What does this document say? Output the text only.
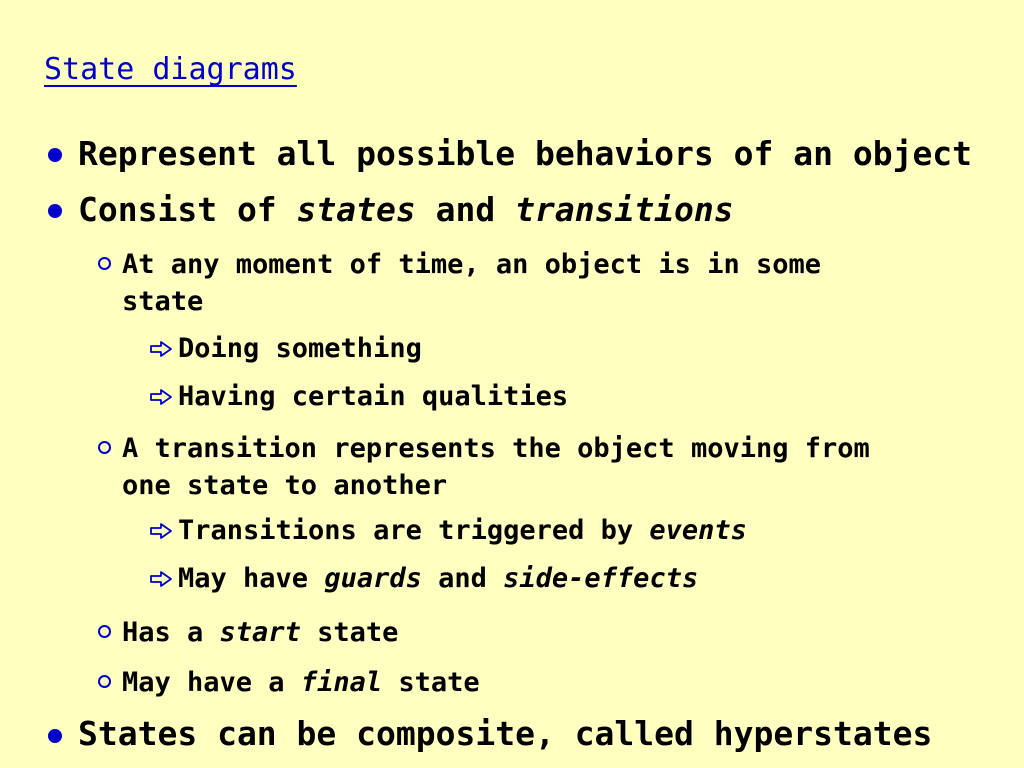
State diagrams
Represent all possible behaviors of an object
Consist of states and transitions
At any moment of time, an object is in some
state
Doing something
Having certain qualities
A transition represents the object moving from
one state to another
Transitions are triggered by events
May have guards and side-effects
Has a start state
May have a final state
States can be composite, called hyperstates
